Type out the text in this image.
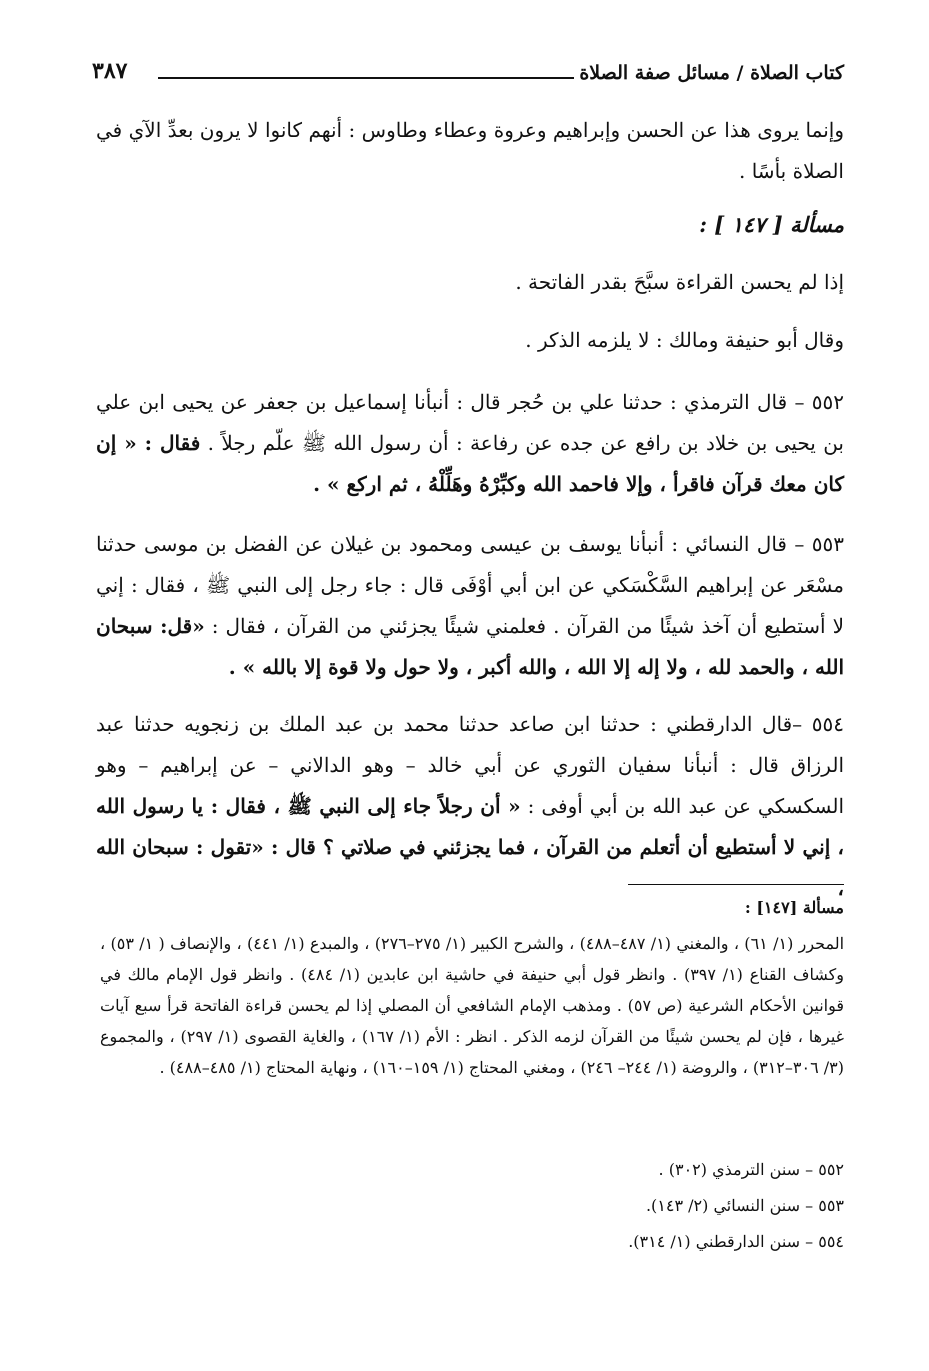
كتاب الصلاة / مسائل صفة الصلاة
٣٨٧

وإنما يروى هذا عن الحسن وإبراهيم وعروة وعطاء وطاوس : أنهم كانوا لا يرون بعدِّ الآي في الصلاة بأسًا .

مسألة [ ١٤٧ ] :

إذا لم يحسن القراءة سبَّحَ بقدر الفاتحة .

وقال أبو حنيفة ومالك : لا يلزمه الذكر .

٥٥٢ – قال الترمذي : حدثنا علي بن حُجر قال : أنبأنا إسماعيل بن جعفر عن يحيى ابن علي بن يحيى بن خلاد بن رافع عن جده عن رفاعة : أن رسول الله ﷺ علّم رجلاً . فقال : « إن كان معك قرآن فاقرأ ، وإلا فاحمد الله وكبِّرْهُ وهَلِّلْهُ ، ثم اركع » .
٥٥٣ – قال النسائي : أنبأنا يوسف بن عيسى ومحمود بن غيلان عن الفضل بن موسى حدثنا مسْعَر عن إبراهيم السَّكْسَكي عن ابن أبي أوْفَى قال : جاء رجل إلى النبي ﷺ ، فقال : إني لا أستطيع أن آخذ شيئًا من القرآن . فعلمني شيئًا يجزئني من القرآن ، فقال : «قل: سبحان الله ، والحمد لله ، ولا إله إلا الله ، والله أكبر ، ولا حول ولا قوة إلا بالله » .
٥٥٤ –قال الدارقطني : حدثنا ابن صاعد حدثنا محمد بن عبد الملك بن زنجويه حدثنا عبد الرزاق قال : أنبأنا سفيان الثوري عن أبي خالد – وهو الدالاني – عن إبراهيم – وهو السكسكي عن عبد الله بن أبي أوفى : « أن رجلاً جاء إلى النبي ﷺ ، فقال : يا رسول الله ، إني لا أستطيع أن أتعلم من القرآن ، فما يجزئني في صلاتي ؟ قال : «تقول : سبحان الله ،

مسألة [١٤٧] :

المحرر (١/ ٦١) ، والمغني (١/ ٤٨٧–٤٨٨) ، والشرح الكبير (١/ ٢٧٥–٢٧٦) ، والمبدع (١/ ٤٤١) ، والإنصاف ( ١/ ٥٣) ، وكشاف القناع (١/ ٣٩٧) . وانظر قول أبي حنيفة في حاشية ابن عابدين (١/ ٤٨٤) . وانظر قول الإمام مالك في قوانين الأحكام الشرعية (ص ٥٧) . ومذهب الإمام الشافعي أن المصلي إذا لم يحسن قراءة الفاتحة قرأ سبع آيات غيرها ، فإن لم يحسن شيئًا من القرآن لزمه الذكر . انظر : الأم (١/ ١٦٧) ، والغاية القصوى (١/ ٢٩٧) ، والمجموع (٣/ ٣٠٦–٣١٢) ، والروضة (١/ ٢٤٤– ٢٤٦) ، ومغني المحتاج (١/ ١٥٩–١٦٠) ، ونهاية المحتاج (١/ ٤٨٥–٤٨٨) .

٥٥٢ – سنن الترمذي (٣٠٢) .

٥٥٣ – سنن النسائي (٢/ ١٤٣).

٥٥٤ – سنن الدارقطني (١/ ٣١٤).
